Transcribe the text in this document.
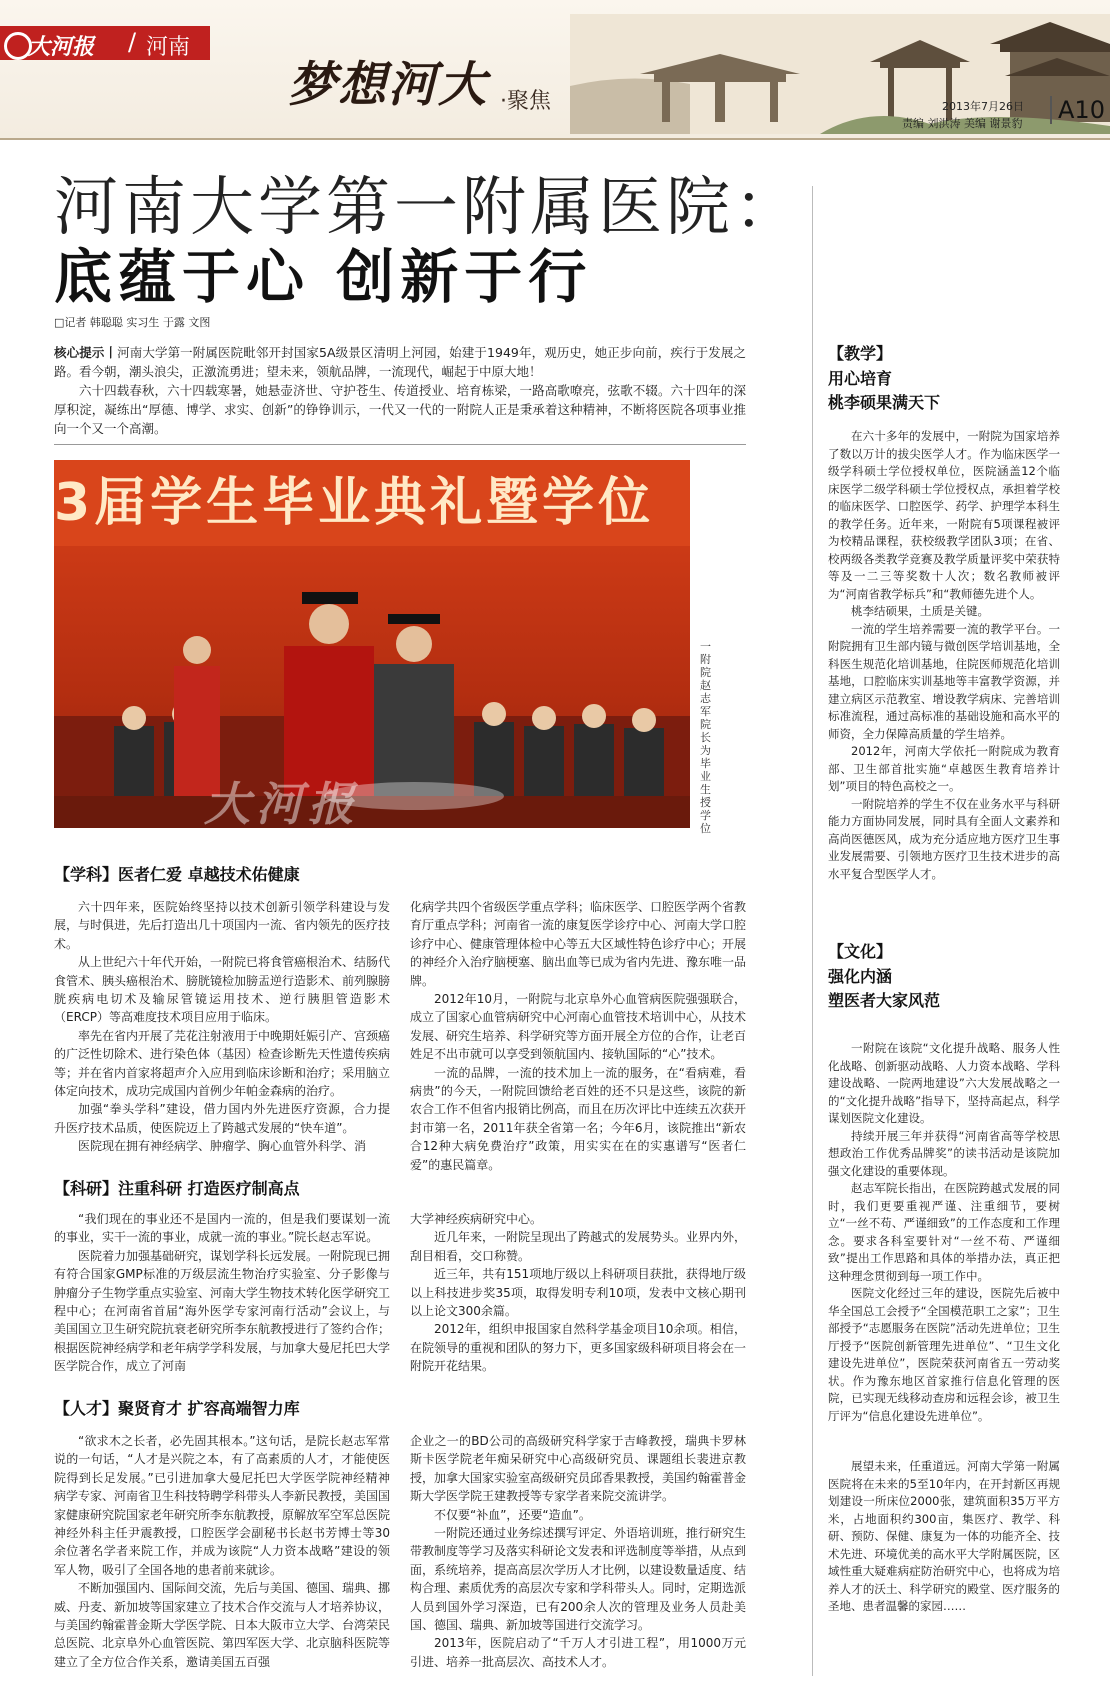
大河报 / 河南
梦想河大 ·聚焦	2013年7月26日
责编 刘洪涛 美编 谢景豹	A10
河南大学第一附属医院：
底蕴于心 创新于行
□记者 韩聪聪 实习生 于露 文图

核心提示丨河南大学第一附属医院毗邻开封国家5A级景区清明上河园，始建于1949年，观历史，她正步向前，疾行于发展之路。看今朝，潮头浪尖，正激流勇进；望未来，领航品牌，一流现代，崛起于中原大地！

六十四载春秋，六十四载寒暑，她悬壶济世、守护苍生、传道授业、培育栋梁，一路高歌嘹亮，弦歌不辍。六十四年的深厚积淀，凝练出“厚德、博学、求实、创新”的铮铮训示，一代又一代的一附院人正是秉承着这种精神，不断将医院各项事业推向一个又一个高潮。

3届学生毕业典礼暨学位
大河报
一附院赵志军院长为毕业生授学位
【学科】医者仁爱 卓越技术佑健康

六十四年来，医院始终坚持以技术创新引领学科建设与发展，与时俱进，先后打造出几十项国内一流、省内领先的医疗技术。

从上世纪六十年代开始，一附院已将食管癌根治术、结肠代食管术、胰头癌根治术、膀胱镜检加膀盂逆行造影术、前列腺膀胱疾病电切术及输尿管镜运用技术、逆行胰胆管造影术（ERCP）等高难度技术项目应用于临床。

率先在省内开展了芫花注射液用于中晚期妊娠引产、宫颈癌的广泛性切除术、进行染色体（基因）检查诊断先天性遗传疾病等；并在省内首家将超声介入应用到临床诊断和治疗；采用脑立体定向技术，成功完成国内首例少年帕金森病的治疗。

加强“拳头学科”建设，借力国内外先进医疗资源，合力提升医疗技术品质，使医院迈上了跨越式发展的“快车道”。

医院现在拥有神经病学、肿瘤学、胸心血管外科学、消

化病学共四个省级医学重点学科；临床医学、口腔医学两个省教育厅重点学科；河南省一流的康复医学诊疗中心、河南大学口腔诊疗中心、健康管理体检中心等五大区域性特色诊疗中心；开展的神经介入治疗脑梗塞、脑出血等已成为省内先进、豫东唯一品牌。

2012年10月，一附院与北京阜外心血管病医院强强联合，成立了国家心血管病研究中心河南心血管技术培训中心，从技术发展、研究生培养、科学研究等方面开展全方位的合作，让老百姓足不出市就可以享受到领航国内、接轨国际的“心”技术。

一流的品牌，一流的技术加上一流的服务，在“看病难，看病贵”的今天，一附院回馈给老百姓的还不只是这些，该院的新农合工作不但省内报销比例高，而且在历次评比中连续五次获开封市第一名，2011年获全省第一名；今年6月，该院推出“新农合12种大病免费治疗”政策，用实实在在的实惠谱写“医者仁爱”的惠民篇章。

【科研】注重科研 打造医疗制高点

“我们现在的事业还不是国内一流的，但是我们要谋划一流的事业，实干一流的事业，成就一流的事业。”院长赵志军说。

医院着力加强基础研究，谋划学科长远发展。一附院现已拥有符合国家GMP标准的万级层流生物治疗实验室、分子影像与肿瘤分子生物学重点实验室、河南大学生物技术转化医学研究工程中心；在河南省首届“海外医学专家河南行活动”会议上，与美国国立卫生研究院抗衰老研究所李东航教授进行了签约合作；根据医院神经病学和老年病学学科发展，与加拿大曼尼托巴大学医学院合作，成立了河南

大学神经疾病研究中心。

近几年来，一附院呈现出了跨越式的发展势头。业界内外，刮目相看，交口称赞。

近三年，共有151项地厅级以上科研项目获批，获得地厅级以上科技进步奖35项，取得发明专利10项，发表中文核心期刊以上论文300余篇。

2012年，组织申报国家自然科学基金项目10余项。相信，在院领导的重视和团队的努力下，更多国家级科研项目将会在一附院开花结果。

【人才】聚贤育才 扩容高端智力库

“欲求木之长者，必先固其根本。”这句话，是院长赵志军常说的一句话，“人才是兴院之本，有了高素质的人才，才能使医院得到长足发展。”已引进加拿大曼尼托巴大学医学院神经精神病学专家、河南省卫生科技特聘学科带头人李新民教授，美国国家健康研究院国家老年研究所李东航教授，原解放军空军总医院神经外科主任尹震教授，口腔医学会副秘书长赵书芳博士等30余位著名学者来院工作，并成为该院“人力资本战略”建设的领军人物，吸引了全国各地的患者前来就诊。

不断加强国内、国际间交流，先后与美国、德国、瑞典、挪威、丹麦、新加坡等国家建立了技术合作交流与人才培养协议，与美国约翰霍普金斯大学医学院、日本大阪市立大学、台湾荣民总医院、北京阜外心血管医院、第四军医大学、北京脑科医院等建立了全方位合作关系，邀请美国五百强

企业之一的BD公司的高级研究科学家于吉峰教授，瑞典卡罗林斯卡医学院老年痴呆研究中心高级研究员、课题组长裴进京教授，加拿大国家实验室高级研究员邱香果教授，美国约翰霍普金斯大学医学院王建教授等专家学者来院交流讲学。

不仅要“补血”，还要“造血”。

一附院还通过业务综述撰写评定、外语培训班，推行研究生带教制度等学习及落实科研论文发表和评选制度等举措，从点到面，系统培养，提高高层次学历人才比例，以建设数量适度、结构合理、素质优秀的高层次专家和学科带头人。同时，定期选派人员到国外学习深造，已有200余人次的管理及业务人员赴美国、德国、瑞典、新加坡等国进行交流学习。

2013年，医院启动了“千万人才引进工程”，用1000万元引进、培养一批高层次、高技术人才。

【教学】
用心培育
桃李硕果满天下

在六十多年的发展中，一附院为国家培养了数以万计的拔尖医学人才。作为临床医学一级学科硕士学位授权单位，医院涵盖12个临床医学二级学科硕士学位授权点，承担着学校的临床医学、口腔医学、药学、护理学本科生的教学任务。近年来，一附院有5项课程被评为校精品课程，获校级教学团队3项；在省、校两级各类教学竞赛及教学质量评奖中荣获特等及一二三等奖数十人次；数名教师被评为“河南省教学标兵”和“教师德先进个人。

桃李结硕果，土质是关键。

一流的学生培养需要一流的教学平台。一附院拥有卫生部内镜与微创医学培训基地，全科医生规范化培训基地，住院医师规范化培训基地，口腔临床实训基地等丰富教学资源，并建立病区示范教室、增设教学病床、完善培训标准流程，通过高标准的基础设施和高水平的师资，全力保障高质量的学生培养。

2012年，河南大学依托一附院成为教育部、卫生部首批实施“卓越医生教育培养计划”项目的特色高校之一。

一附院培养的学生不仅在业务水平与科研能力方面协同发展，同时具有全面人文素养和高尚医德医风，成为充分适应地方医疗卫生事业发展需要、引领地方医疗卫生技术进步的高水平复合型医学人才。

【文化】
强化内涵
塑医者大家风范

一附院在该院“文化提升战略、服务人性化战略、创新驱动战略、人力资本战略、学科建设战略、一院两地建设”六大发展战略之一的“文化提升战略”指导下，坚持高起点，科学谋划医院文化建设。

持续开展三年并获得“河南省高等学校思想政治工作优秀品牌奖”的读书活动是该院加强文化建设的重要体现。

赵志军院长指出，在医院跨越式发展的同时，我们更要重视严谨、注重细节，要树立“一丝不苟、严谨细致”的工作态度和工作理念。要求各科室要针对“一丝不苟、严谨细致”提出工作思路和具体的举措办法，真正把这种理念贯彻到每一项工作中。

医院文化经过三年的建设，医院先后被中华全国总工会授予“全国模范职工之家”；卫生部授予“志愿服务在医院”活动先进单位；卫生厅授予“医院创新管理先进单位”、“卫生文化建设先进单位”，医院荣获河南省五一劳动奖状。作为豫东地区首家推行信息化管理的医院，已实现无线移动查房和远程会诊，被卫生厅评为“信息化建设先进单位”。

展望未来，任重道远。河南大学第一附属医院将在未来的5至10年内，在开封新区再规划建设一所床位2000张，建筑面积35万平方米，占地面积约300亩，集医疗、教学、科研、预防、保健、康复为一体的功能齐全、技术先进、环境优美的高水平大学附属医院，区域性重大疑难病症防治研究中心，也将成为培养人才的沃土、科学研究的殿堂、医疗服务的圣地、患者温馨的家园……
